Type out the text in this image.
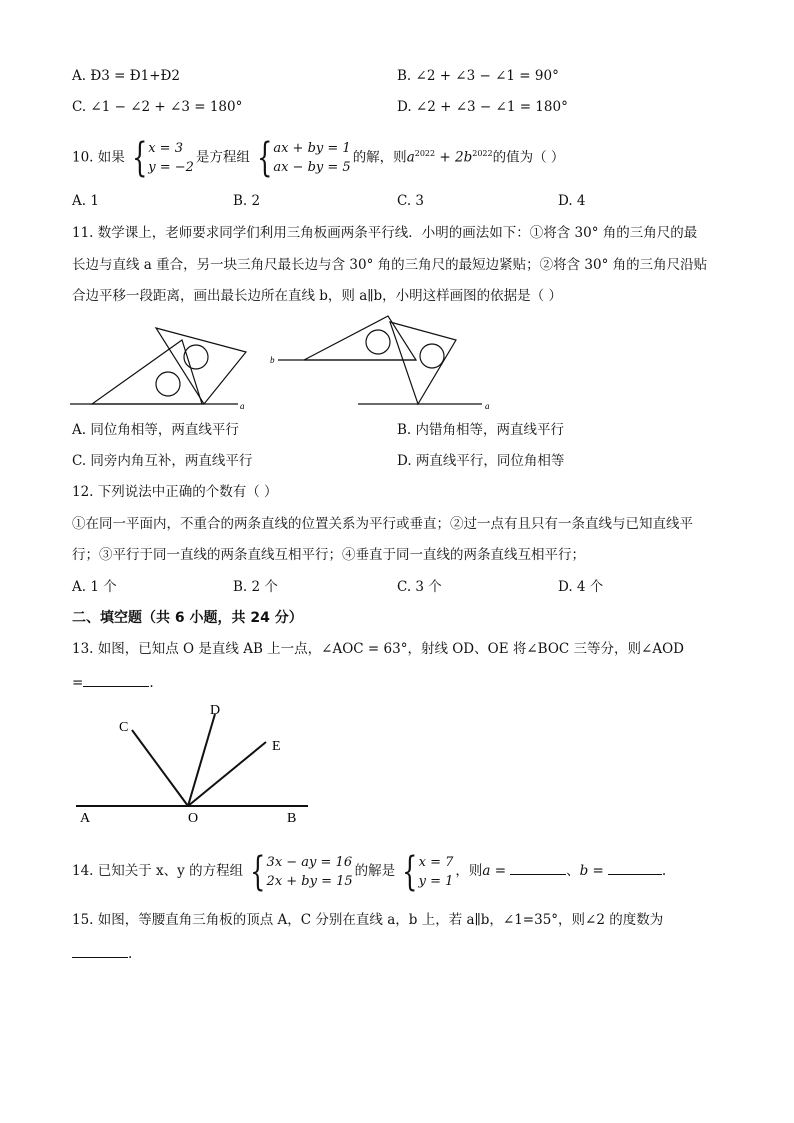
A. Ð3 = Ð1+Ð2	B. ∠2 + ∠3 − ∠1 = 90°
C. ∠1 − ∠2 + ∠3 = 180°	D. ∠2 + ∠3 − ∠1 = 180°
10. 如果 { x = 3
y = −2
是方程组 { ax + by = 1
ax − by = 5
的解，则$a^{2022} + 2b^{2022}$的值为（ ）
A. 1	B. 2	C. 3	D. 4
11. 数学课上，老师要求同学们利用三角板画两条平行线．小明的画法如下：①将含 30° 角的三角尺的最
长边与直线 a 重合，另一块三角尺最长边与含 30° 角的三角尺的最短边紧贴；②将含 30° 角的三角尺沿贴
合边平移一段距离，画出最长边所在直线 b，则 a∥b，小明这样画图的依据是（ ）
a
b
a
A. 同位角相等，两直线平行	B. 内错角相等，两直线平行
C. 同旁内角互补，两直线平行	D. 两直线平行，同位角相等
12. 下列说法中正确的个数有（ ）
①在同一平面内，不重合的两条直线的位置关系为平行或垂直；②过一点有且只有一条直线与已知直线平
行；③平行于同一直线的两条直线互相平行；④垂直于同一直线的两条直线互相平行；
A. 1 个	B. 2 个	C. 3 个	D. 4 个
二、填空题（共 6 小题，共 24 分）
13. 如图，已知点 O 是直线 AB 上一点，∠AOC = 63°，射线 OD、OE 将∠BOC 三等分，则∠AOD
=	.
C
D
E
A	O	B
14. 已知关于 x、y 的方程组 { 3x − ay = 16
2x + by = 15
的解是 { x = 7
y = 1
，则a =	、b =	.
15. 如图，等腰直角三角板的顶点 A，C 分别在直线 a，b 上，若 a∥b，∠1=35°，则∠2 的度数为
.
